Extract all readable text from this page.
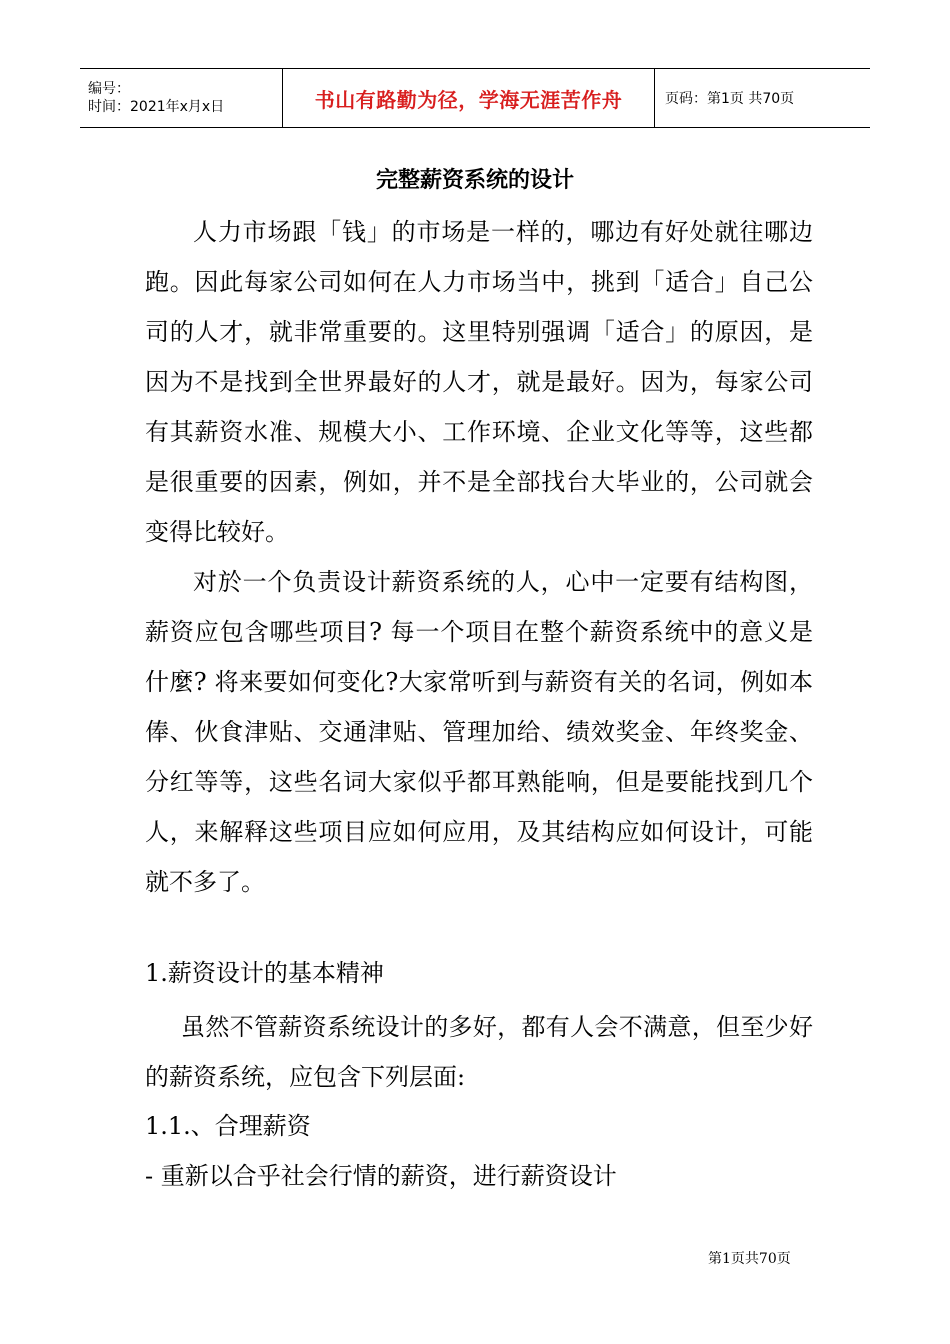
编号：
时间：2021年x月x日	书山有路勤为径，学海无涯苦作舟	页码：第1页 共70页
完整薪资系统的设计
人力市场跟「钱」的市场是一样的，哪边有好处就往哪边跑。因此每家公司如何在人力市场当中，挑到「适合」自己公司的人才，就非常重要的。这里特别强调「适合」的原因，是因为不是找到全世界最好的人才，就是最好。因为，每家公司有其薪资水准、规模大小、工作环境、企业文化等等，这些都是很重要的因素，例如，并不是全部找台大毕业的，公司就会变得比较好。
对於一个负责设计薪资系统的人，心中一定要有结构图，薪资应包含哪些项目? 每一个项目在整个薪资系统中的意义是什麼? 将来要如何变化?大家常听到与薪资有关的名词，例如本俸、伙食津贴、交通津贴、管理加给、绩效奖金、年终奖金、分红等等，这些名词大家似乎都耳熟能响，但是要能找到几个人，来解释这些项目应如何应用，及其结构应如何设计，可能就不多了。
1.薪资设计的基本精神
虽然不管薪资系统设计的多好，都有人会不满意，但至少好的薪资系统，应包含下列层面:
1.1.、合理薪资
- 重新以合乎社会行情的薪资，进行薪资设计
第1页共70页
